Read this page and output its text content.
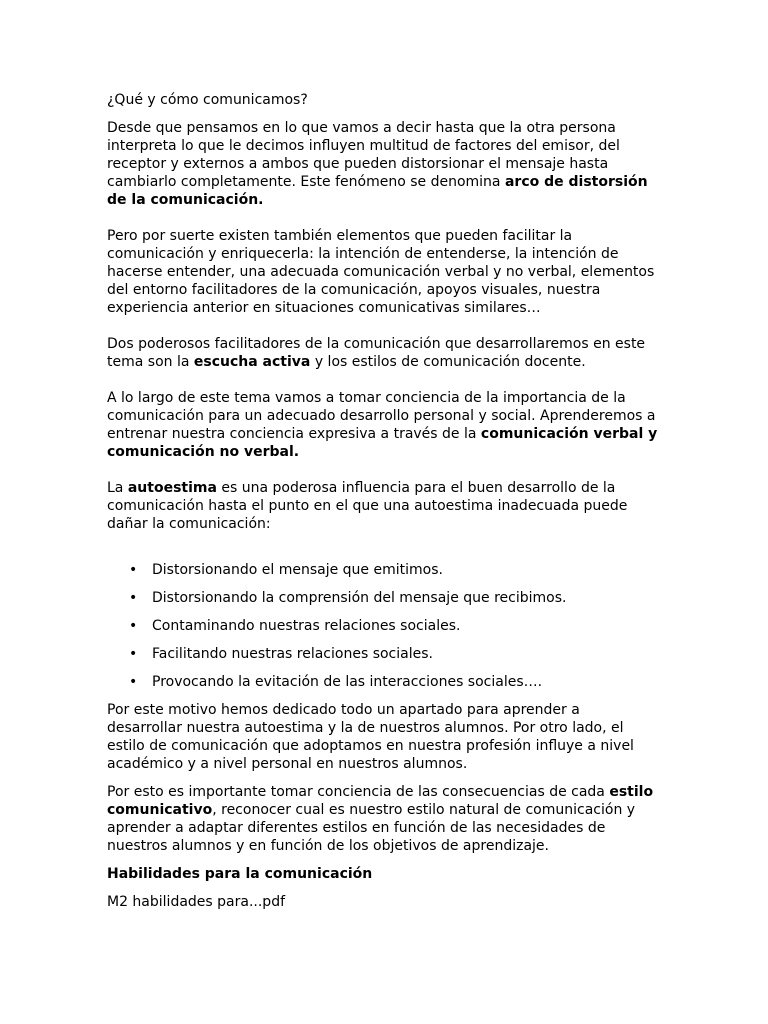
¿Qué y cómo comunicamos?

Desde que pensamos en lo que vamos a decir hasta que la otra persona interpreta lo que le decimos influyen multitud de factores del emisor, del receptor y externos a ambos que pueden distorsionar el mensaje hasta cambiarlo completamente. Este fenómeno se denomina arco de distorsión de la comunicación.

Pero por suerte existen también elementos que pueden facilitar la comunicación y enriquecerla: la intención de entenderse, la intención de hacerse entender, una adecuada comunicación verbal y no verbal, elementos del entorno facilitadores de la comunicación, apoyos visuales, nuestra experiencia anterior en situaciones comunicativas similares…

Dos poderosos facilitadores de la comunicación que desarrollaremos en este tema son la escucha activa y los estilos de comunicación docente.

A lo largo de este tema vamos a tomar conciencia de la importancia de la comunicación para un adecuado desarrollo personal y social. Aprenderemos a entrenar nuestra conciencia expresiva a través de la comunicación verbal y comunicación no verbal.

La autoestima es una poderosa influencia para el buen desarrollo de la comunicación hasta el punto en el que una autoestima inadecuada puede dañar la comunicación:

• Distorsionando el mensaje que emitimos.
• Distorsionando la comprensión del mensaje que recibimos.
• Contaminando nuestras relaciones sociales.
• Facilitando nuestras relaciones sociales.
• Provocando la evitación de las interacciones sociales….

Por este motivo hemos dedicado todo un apartado para aprender a desarrollar nuestra autoestima y la de nuestros alumnos. Por otro lado, el estilo de comunicación que adoptamos en nuestra profesión influye a nivel académico y a nivel personal en nuestros alumnos.

Por esto es importante tomar conciencia de las consecuencias de cada estilo comunicativo, reconocer cual es nuestro estilo natural de comunicación y aprender a adaptar diferentes estilos en función de las necesidades de nuestros alumnos y en función de los objetivos de aprendizaje.

Habilidades para la comunicación

M2 habilidades para...pdf
